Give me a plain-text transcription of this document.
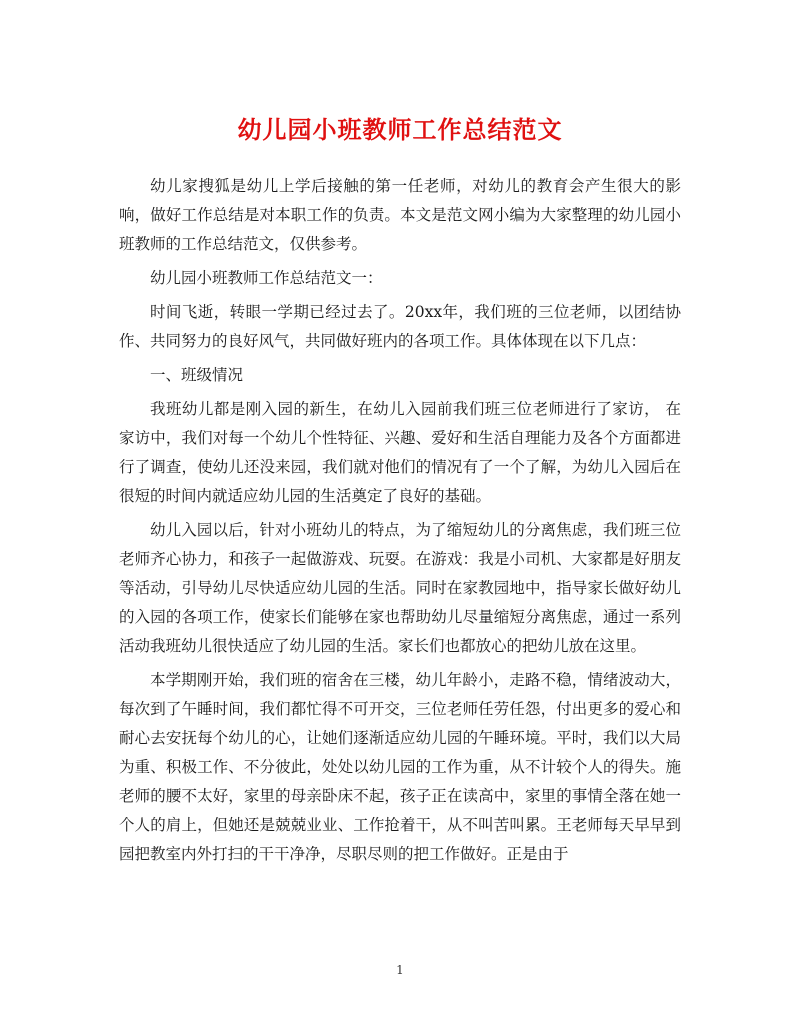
幼儿园小班教师工作总结范文

幼儿家搜狐是幼儿上学后接触的第一任老师，对幼儿的教育会产生很大的影响，做好工作总结是对本职工作的负责。本文是范文网小编为大家整理的幼儿园小班教师的工作总结范文，仅供参考。

幼儿园小班教师工作总结范文一：

时间飞逝，转眼一学期已经过去了。20xx年，我们班的三位老师，以团结协作、共同努力的良好风气，共同做好班内的各项工作。具体体现在以下几点：

一、班级情况

我班幼儿都是刚入园的新生，在幼儿入园前我们班三位老师进行了家访， 在家访中，我们对每一个幼儿个性特征、兴趣、爱好和生活自理能力及各个方面都进行了调查，使幼儿还没来园，我们就对他们的情况有了一个了解，为幼儿入园后在很短的时间内就适应幼儿园的生活奠定了良好的基础。

幼儿入园以后，针对小班幼儿的特点，为了缩短幼儿的分离焦虑，我们班三位老师齐心协力，和孩子一起做游戏、玩耍。在游戏：我是小司机、大家都是好朋友等活动，引导幼儿尽快适应幼儿园的生活。同时在家教园地中，指导家长做好幼儿的入园的各项工作，使家长们能够在家也帮助幼儿尽量缩短分离焦虑，通过一系列活动我班幼儿很快适应了幼儿园的生活。家长们也都放心的把幼儿放在这里。

本学期刚开始，我们班的宿舍在三楼，幼儿年龄小，走路不稳，情绪波动大，每次到了午睡时间，我们都忙得不可开交，三位老师任劳任怨，付出更多的爱心和耐心去安抚每个幼儿的心，让她们逐渐适应幼儿园的午睡环境。平时，我们以大局为重、积极工作、不分彼此，处处以幼儿园的工作为重，从不计较个人的得失。施老师的腰不太好，家里的母亲卧床不起，孩子正在读高中，家里的事情全落在她一个人的肩上，但她还是兢兢业业、工作抢着干，从不叫苦叫累。王老师每天早早到园把教室内外打扫的干干净净，尽职尽则的把工作做好。正是由于

1
